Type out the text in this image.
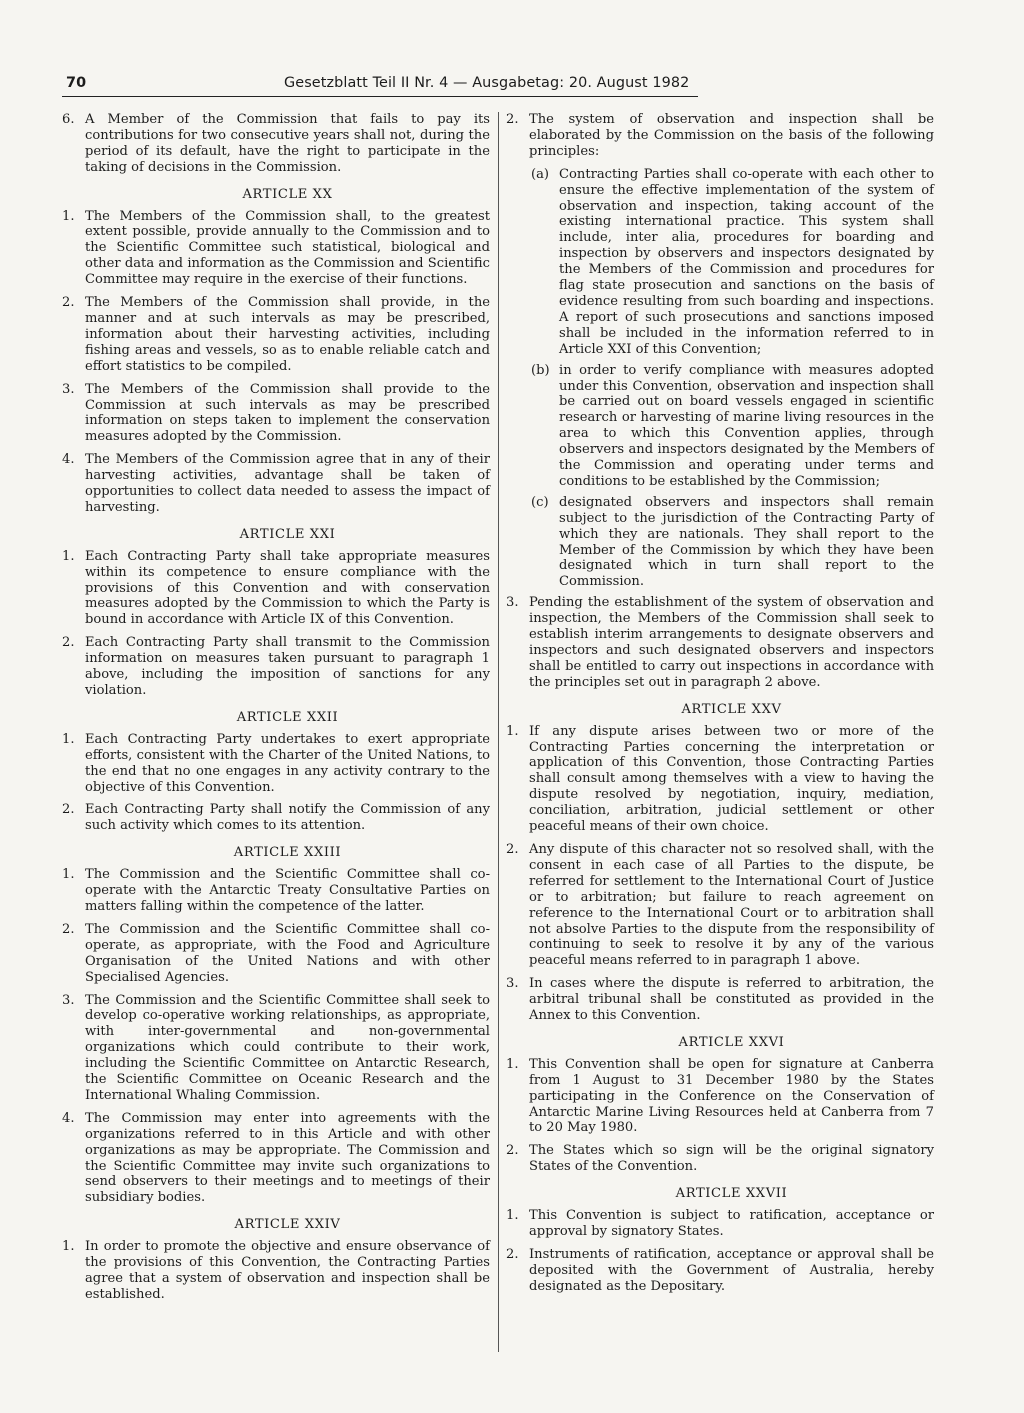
70	Gesetzblatt Teil II Nr. 4 — Ausgabetag: 20. August 1982
6. A Member of the Commission that fails to pay its contributions for two consecutive years shall not, during the period of its default, have the right to participate in the taking of decisions in the Commission.
ARTICLE XX
1. The Members of the Commission shall, to the greatest extent possible, provide annually to the Commission and to the Scientific Committee such statistical, biological and other data and information as the Commission and Scientific Committee may require in the exercise of their functions.
2. The Members of the Commission shall provide, in the manner and at such intervals as may be prescribed, information about their harvesting activities, including fishing areas and vessels, so as to enable reliable catch and effort statistics to be compiled.
3. The Members of the Commission shall provide to the Commission at such intervals as may be prescribed information on steps taken to implement the conservation measures adopted by the Commission.
4. The Members of the Commission agree that in any of their harvesting activities, advantage shall be taken of opportunities to collect data needed to assess the impact of harvesting.
ARTICLE XXI
1. Each Contracting Party shall take appropriate measures within its competence to ensure compliance with the provisions of this Convention and with conservation measures adopted by the Commission to which the Party is bound in accordance with Article IX of this Convention.
2. Each Contracting Party shall transmit to the Commission information on measures taken pursuant to paragraph 1 above, including the imposition of sanctions for any violation.
ARTICLE XXII
1. Each Contracting Party undertakes to exert appropriate efforts, consistent with the Charter of the United Nations, to the end that no one engages in any activity contrary to the objective of this Convention.
2. Each Contracting Party shall notify the Commission of any such activity which comes to its attention.
ARTICLE XXIII
1. The Commission and the Scientific Committee shall co-operate with the Antarctic Treaty Consultative Parties on matters falling within the competence of the latter.
2. The Commission and the Scientific Committee shall co-operate, as appropriate, with the Food and Agriculture Organisation of the United Nations and with other Specialised Agencies.
3. The Commission and the Scientific Committee shall seek to develop co-operative working relationships, as appropriate, with inter-governmental and non-governmental organizations which could contribute to their work, including the Scientific Committee on Antarctic Research, the Scientific Committee on Oceanic Research and the International Whaling Commission.
4. The Commission may enter into agreements with the organizations referred to in this Article and with other organizations as may be appropriate. The Commission and the Scientific Committee may invite such organizations to send observers to their meetings and to meetings of their subsidiary bodies.
ARTICLE XXIV
1. In order to promote the objective and ensure observance of the provisions of this Convention, the Contracting Parties agree that a system of observation and inspection shall be established.
2. The system of observation and inspection shall be elaborated by the Commission on the basis of the following principles:
(a) Contracting Parties shall co-operate with each other to ensure the effective implementation of the system of observation and inspection, taking account of the existing international practice. This system shall include, inter alia, procedures for boarding and inspection by observers and inspectors designated by the Members of the Commission and procedures for flag state prosecution and sanctions on the basis of evidence resulting from such boarding and inspections. A report of such prosecutions and sanctions imposed shall be included in the information referred to in Article XXI of this Convention;
(b) in order to verify compliance with measures adopted under this Convention, observation and inspection shall be carried out on board vessels engaged in scientific research or harvesting of marine living resources in the area to which this Convention applies, through observers and inspectors designated by the Members of the Commission and operating under terms and conditions to be established by the Commission;
(c) designated observers and inspectors shall remain subject to the jurisdiction of the Contracting Party of which they are nationals. They shall report to the Member of the Commission by which they have been designated which in turn shall report to the Commission.
3. Pending the establishment of the system of observation and inspection, the Members of the Commission shall seek to establish interim arrangements to designate observers and inspectors and such designated observers and inspectors shall be entitled to carry out inspections in accordance with the principles set out in paragraph 2 above.
ARTICLE XXV
1. If any dispute arises between two or more of the Contracting Parties concerning the interpretation or application of this Convention, those Contracting Parties shall consult among themselves with a view to having the dispute resolved by negotiation, inquiry, mediation, conciliation, arbitration, judicial settlement or other peaceful means of their own choice.
2. Any dispute of this character not so resolved shall, with the consent in each case of all Parties to the dispute, be referred for settlement to the International Court of Justice or to arbitration; but failure to reach agreement on reference to the International Court or to arbitration shall not absolve Parties to the dispute from the responsibility of continuing to seek to resolve it by any of the various peaceful means referred to in paragraph 1 above.
3. In cases where the dispute is referred to arbitration, the arbitral tribunal shall be constituted as provided in the Annex to this Convention.
ARTICLE XXVI
1. This Convention shall be open for signature at Canberra from 1 August to 31 December 1980 by the States participating in the Conference on the Conservation of Antarctic Marine Living Resources held at Canberra from 7 to 20 May 1980.
2. The States which so sign will be the original signatory States of the Convention.
ARTICLE XXVII
1. This Convention is subject to ratification, acceptance or approval by signatory States.
2. Instruments of ratification, acceptance or approval shall be deposited with the Government of Australia, hereby designated as the Depositary.
